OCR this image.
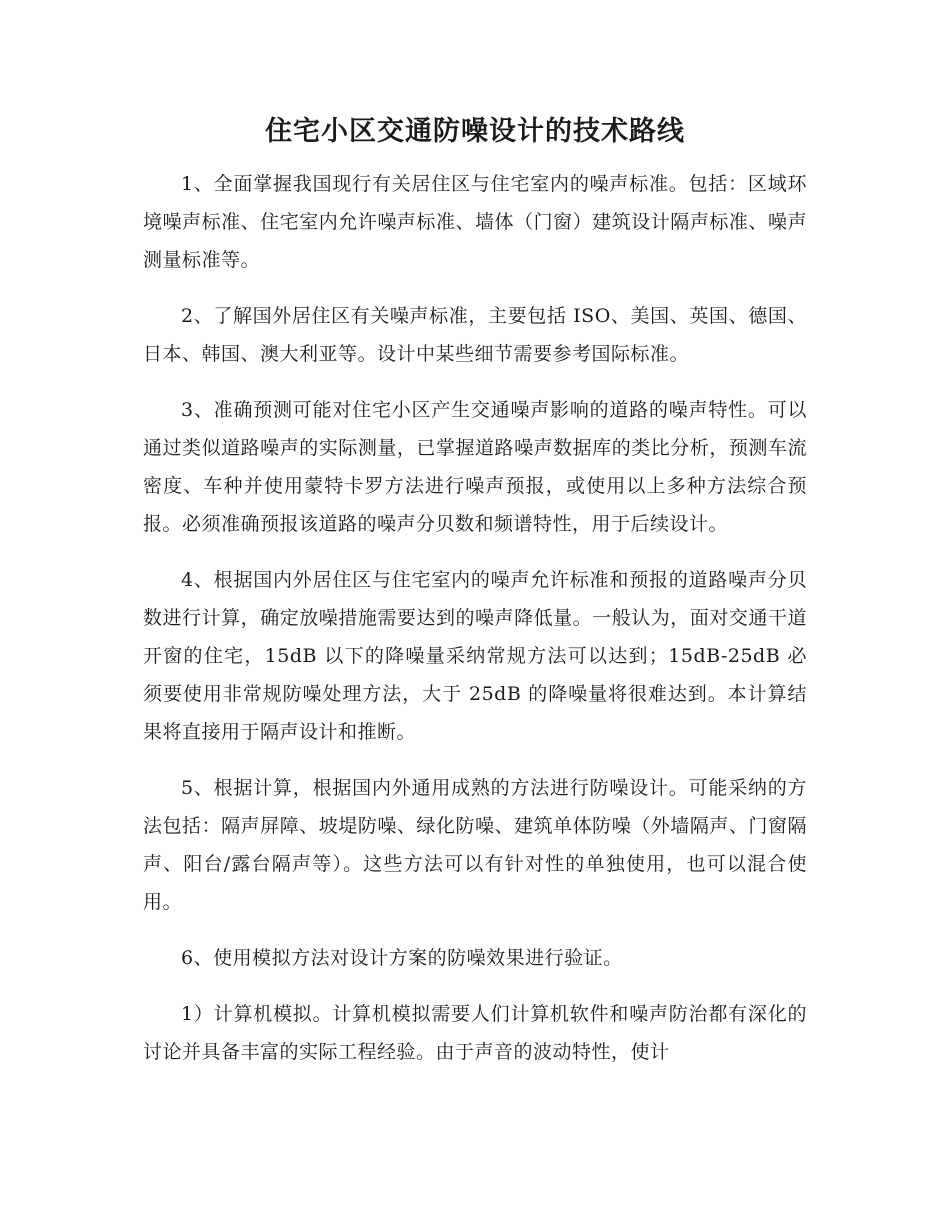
住宅小区交通防噪设计的技术路线

1、全面掌握我国现行有关居住区与住宅室内的噪声标准。包括：区域环境噪声标准、住宅室内允许噪声标准、墙体（门窗）建筑设计隔声标准、噪声测量标准等。

2、了解国外居住区有关噪声标准，主要包括 ISO、美国、英国、德国、日本、韩国、澳大利亚等。设计中某些细节需要参考国际标准。

3、准确预测可能对住宅小区产生交通噪声影响的道路的噪声特性。可以通过类似道路噪声的实际测量，已掌握道路噪声数据库的类比分析，预测车流密度、车种并使用蒙特卡罗方法进行噪声预报，或使用以上多种方法综合预报。必须准确预报该道路的噪声分贝数和频谱特性，用于后续设计。

4、根据国内外居住区与住宅室内的噪声允许标准和预报的道路噪声分贝数进行计算，确定放噪措施需要达到的噪声降低量。一般认为，面对交通干道开窗的住宅，15dB 以下的降噪量采纳常规方法可以达到；15dB-25dB 必须要使用非常规防噪处理方法，大于 25dB 的降噪量将很难达到。本计算结果将直接用于隔声设计和推断。

5、根据计算，根据国内外通用成熟的方法进行防噪设计。可能采纳的方法包括：隔声屏障、坡堤防噪、绿化防噪、建筑单体防噪（外墙隔声、门窗隔声、阳台/露台隔声等）。这些方法可以有针对性的单独使用，也可以混合使用。

6、使用模拟方法对设计方案的防噪效果进行验证。

1）计算机模拟。计算机模拟需要人们计算机软件和噪声防治都有深化的讨论并具备丰富的实际工程经验。由于声音的波动特性，使计
